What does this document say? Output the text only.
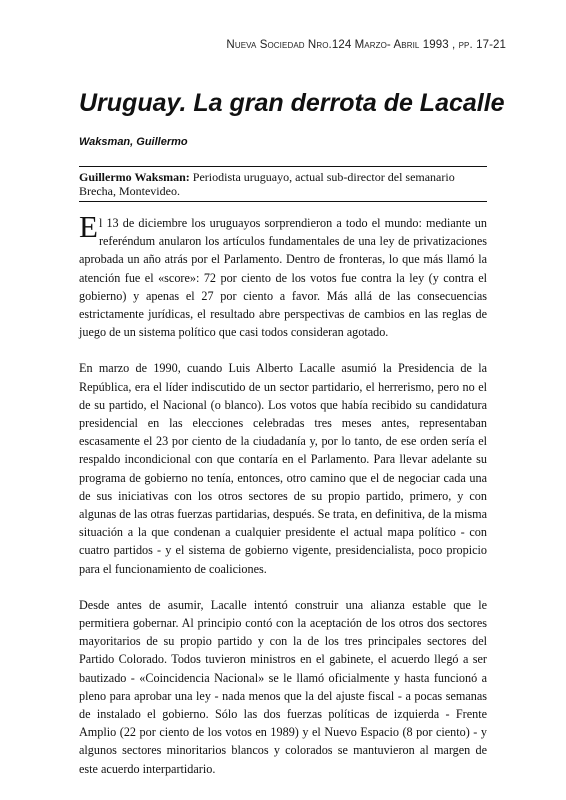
Nueva Sociedad Nro.124 Marzo- Abril 1993 , pp. 17-21
Uruguay. La gran derrota de Lacalle
Waksman, Guillermo
Guillermo Waksman: Periodista uruguayo, actual sub-director del semanario Brecha, Montevideo.

El 13 de diciembre los uruguayos sorprendieron a todo el mundo: mediante un referéndum anularon los artículos fundamentales de una ley de privatizaciones aprobada un año atrás por el Parlamento. Dentro de fronteras, lo que más llamó la atención fue el «score»: 72 por ciento de los votos fue contra la ley (y contra el gobierno) y apenas el 27 por ciento a favor. Más allá de las consecuencias estrictamente jurídicas, el resultado abre perspectivas de cambios en las reglas de juego de un sistema político que casi todos consideran agotado.

En marzo de 1990, cuando Luis Alberto Lacalle asumió la Presidencia de la República, era el líder indiscutido de un sector partidario, el herrerismo, pero no el de su partido, el Nacional (o blanco). Los votos que había recibido su candidatura presidencial en las elecciones celebradas tres meses antes, representaban escasamente el 23 por ciento de la ciudadanía y, por lo tanto, de ese orden sería el respaldo incondicional con que contaría en el Parlamento. Para llevar adelante su programa de gobierno no tenía, entonces, otro camino que el de negociar cada una de sus iniciativas con los otros sectores de su propio partido, primero, y con algunas de las otras fuerzas partidarias, después. Se trata, en definitiva, de la misma situación a la que condenan a cualquier presidente el actual mapa político - con cuatro partidos - y el sistema de gobierno vigente, presidencialista, poco propicio para el funcionamiento de coaliciones.

Desde antes de asumir, Lacalle intentó construir una alianza estable que le permitiera gobernar. Al principio contó con la aceptación de los otros dos sectores mayoritarios de su propio partido y con la de los tres principales sectores del Partido Colorado. Todos tuvieron ministros en el gabinete, el acuerdo llegó a ser bautizado - «Coincidencia Nacional» se le llamó oficialmente y hasta funcionó a pleno para aprobar una ley - nada menos que la del ajuste fiscal - a pocas semanas de instalado el gobierno. Sólo las dos fuerzas políticas de izquierda - Frente Amplio (22 por ciento de los votos en 1989) y el Nuevo Espacio (8 por ciento) - y algunos sectores minoritarios blancos y colorados se mantuvieron al margen de este acuerdo interpartidario.
